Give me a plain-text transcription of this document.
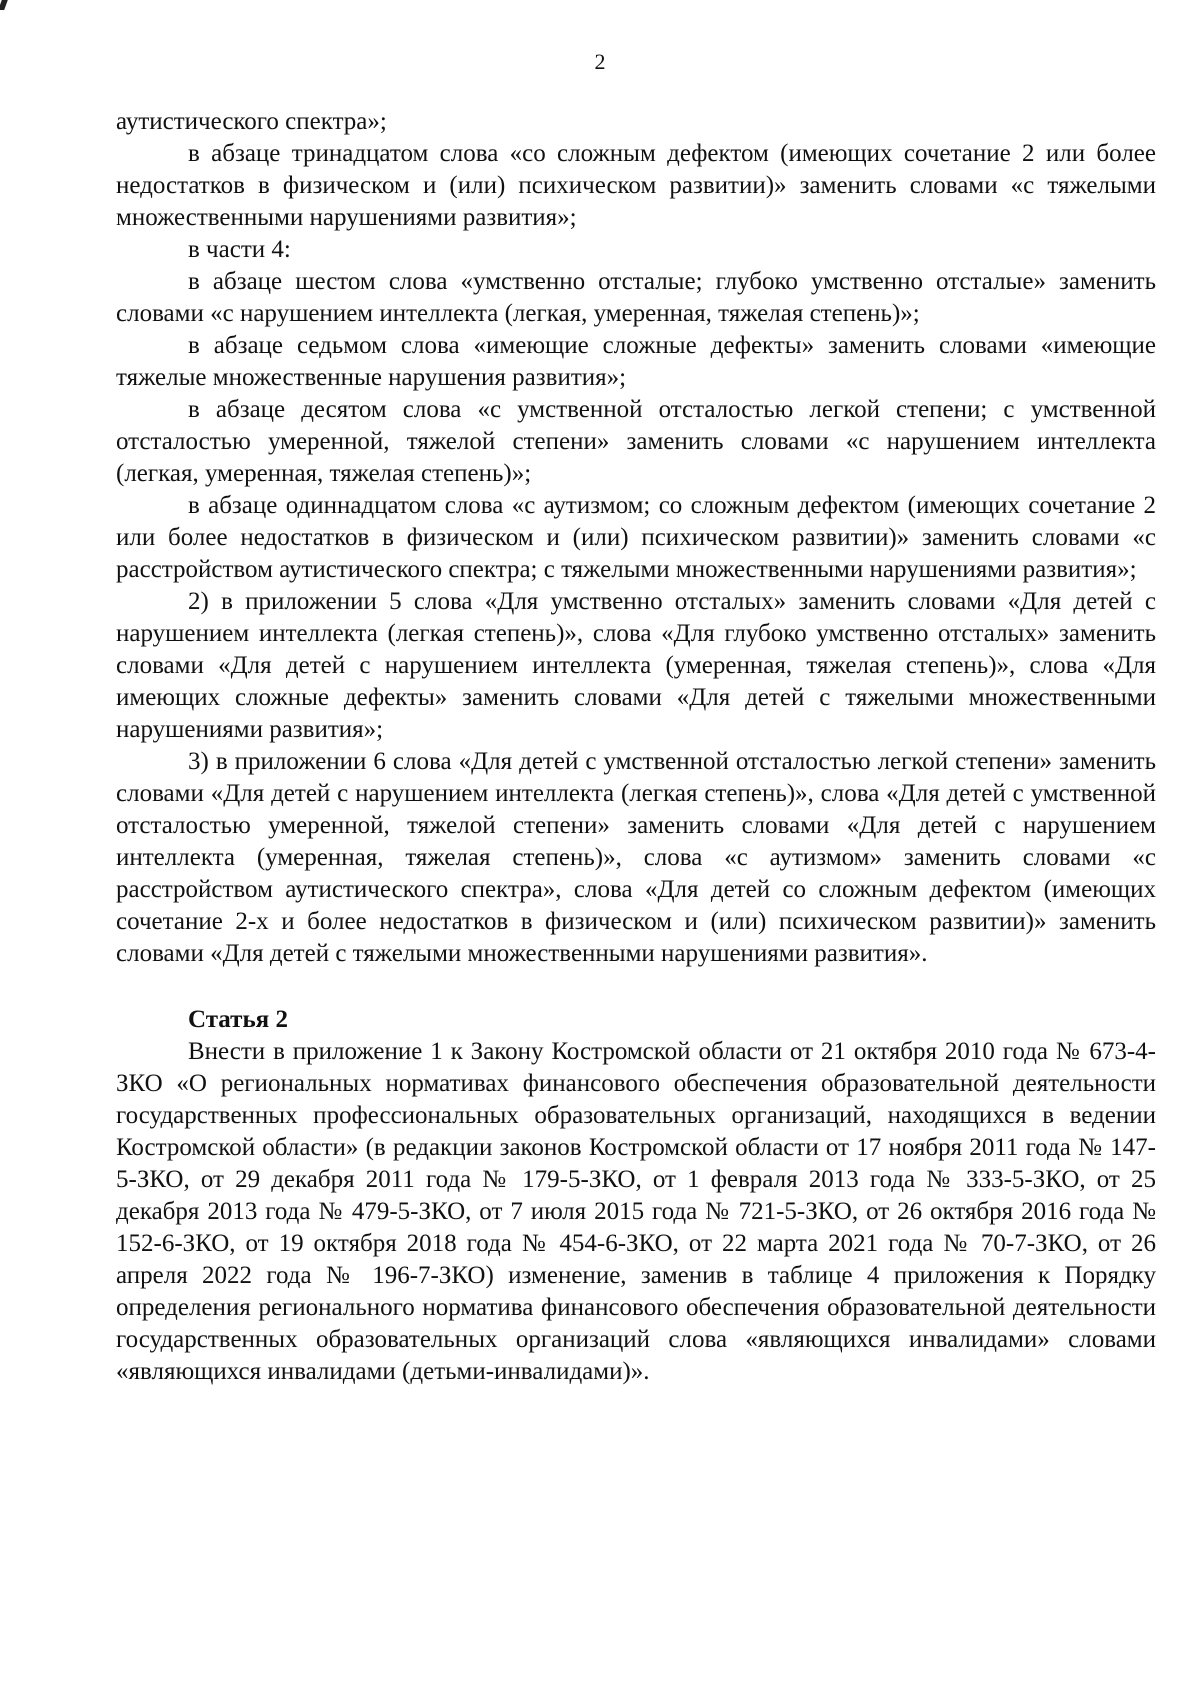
2

аутистического спектра»;

в абзаце тринадцатом слова «со сложным дефектом (имеющих сочетание 2 или более недостатков в физическом и (или) психическом развитии)» заменить словами «с тяжелыми множественными нарушениями развития»;

в части 4:

в абзаце шестом слова «умственно отсталые; глубоко умственно отсталые» заменить словами «с нарушением интеллекта (легкая, умеренная, тяжелая степень)»;

в абзаце седьмом слова «имеющие сложные дефекты» заменить словами «имеющие тяжелые множественные нарушения развития»;

в абзаце десятом слова «с умственной отсталостью легкой степени; с умственной отсталостью умеренной, тяжелой степени» заменить словами «с нарушением интеллекта (легкая, умеренная, тяжелая степень)»;

в абзаце одиннадцатом слова «с аутизмом; со сложным дефектом (имеющих сочетание 2 или более недостатков в физическом и (или) психическом развитии)» заменить словами «с расстройством аутистического спектра; с тяжелыми множественными нарушениями развития»;

2) в приложении 5 слова «Для умственно отсталых» заменить словами «Для детей с нарушением интеллекта (легкая степень)», слова «Для глубоко умственно отсталых» заменить словами «Для детей с нарушением интеллекта (умеренная, тяжелая степень)», слова «Для имеющих сложные дефекты» заменить словами «Для детей с тяжелыми множественными нарушениями развития»;

3) в приложении 6 слова «Для детей с умственной отсталостью легкой степени» заменить словами «Для детей с нарушением интеллекта (легкая степень)», слова «Для детей с умственной отсталостью умеренной, тяжелой степени» заменить словами «Для детей с нарушением интеллекта (умеренная, тяжелая степень)», слова «с аутизмом» заменить словами «с расстройством аутистического спектра», слова «Для детей со сложным дефектом (имеющих сочетание 2-х и более недостатков в физическом и (или) психическом развитии)» заменить словами «Для детей с тяжелыми множественными нарушениями развития».

Статья 2

Внести в приложение 1 к Закону Костромской области от 21 октября 2010 года № 673-4-ЗКО «О региональных нормативах финансового обеспечения образовательной деятельности государственных профессиональных образовательных организаций, находящихся в ведении Костромской области» (в редакции законов Костромской области от 17 ноября 2011 года № 147-5-ЗКО, от 29 декабря 2011 года № 179-5-ЗКО, от 1 февраля 2013 года № 333-5-ЗКО, от 25 декабря 2013 года № 479-5-ЗКО, от 7 июля 2015 года № 721-5-ЗКО, от 26 октября 2016 года № 152-6-ЗКО, от 19 октября 2018 года № 454-6-ЗКО, от 22 марта 2021 года № 70-7-ЗКО, от 26 апреля 2022 года № 196-7-ЗКО) изменение, заменив в таблице 4 приложения к Порядку определения регионального норматива финансового обеспечения образовательной деятельности государственных образовательных организаций слова «являющихся инвалидами» словами «являющихся инвалидами (детьми-инвалидами)».
